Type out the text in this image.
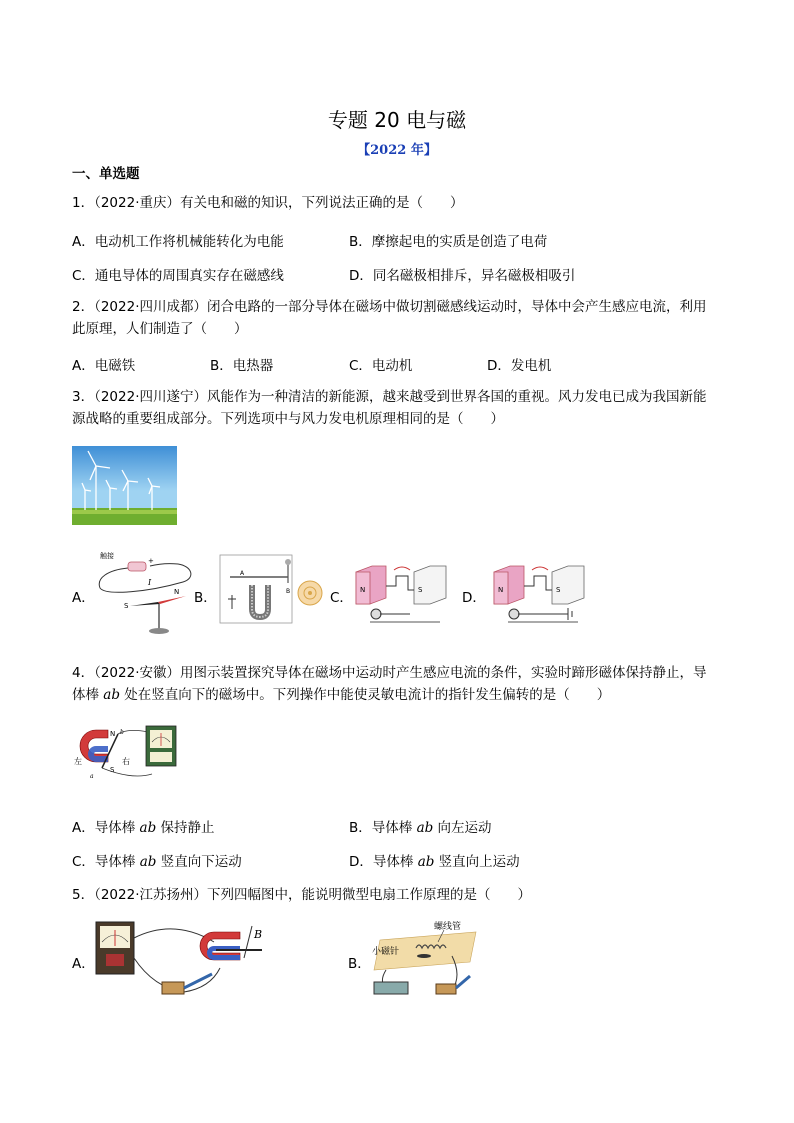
专题 20 电与磁
【2022 年】
一、单选题
1．（2022·重庆）有关电和磁的知识，下列说法正确的是（　　）
A．电动机工作将机械能转化为电能	B．摩擦起电的实质是创造了电荷
C．通电导体的周围真实存在磁感线	D．同名磁极相排斥，异名磁极相吸引
2．（2022·四川成都）闭合电路的一部分导体在磁场中做切割磁感线运动时，导体中会产生感应电流，利用
此原理，人们制造了（　　）
A．电磁铁	B．电热器	C．电动机	D．发电机
3．（2022·四川遂宁）风能作为一种清洁的新能源，越来越受到世界各国的重视。风力发电已成为我国新能
源战略的重要组成部分。下列选项中与风力发电机原理相同的是（　　）
A．
触接
+
I
S
N B．
A
B	C． N	S	D． N	S
4．（2022·安徽）用图示装置探究导体在磁场中运动时产生感应电流的条件，实验时蹄形磁体保持静止，导
体棒 ab 处在竖直向下的磁场中。下列操作中能使灵敏电流计的指针发生偏转的是（　　）
N
S
b
a
左	右
A．导体棒 ab 保持静止	B．导体棒 ab 向左运动
C．导体棒 ab 竖直向下运动	D．导体棒 ab 竖直向上运动
5．（2022·江苏扬州）下列四幅图中，能说明微型电扇工作原理的是（　　）
A．
B
B．
螺线管
小磁针
